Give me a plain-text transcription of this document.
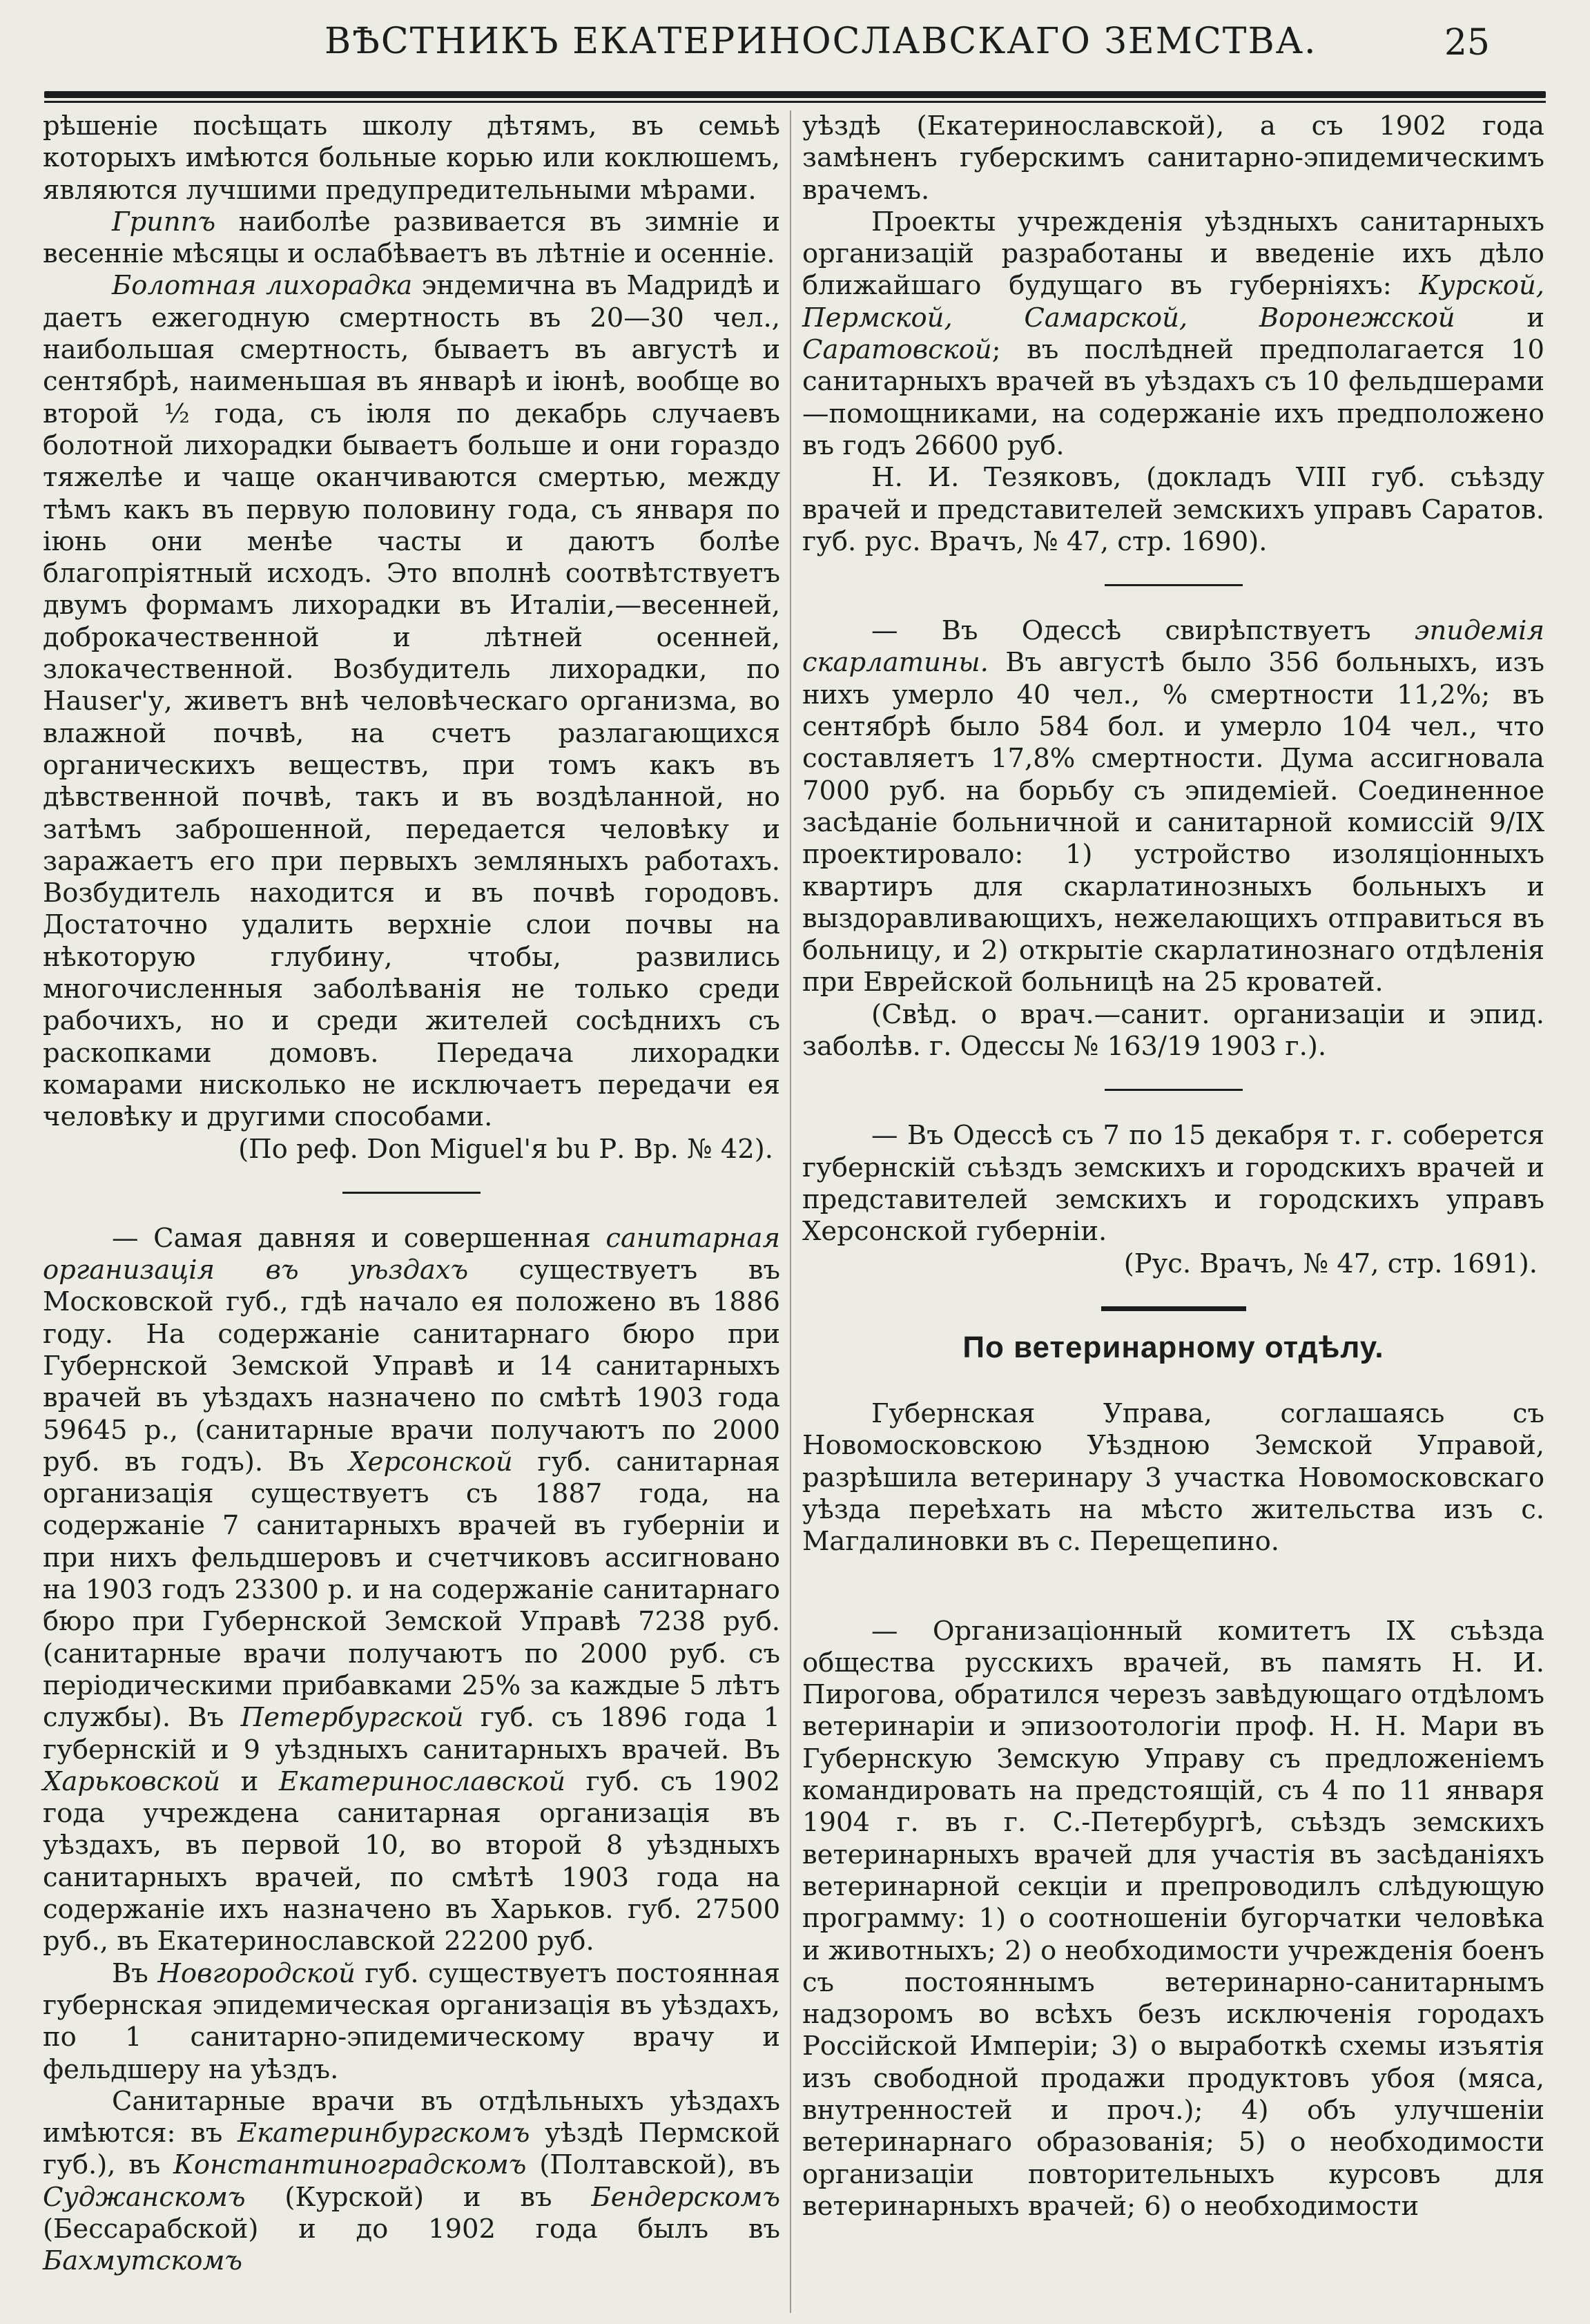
ВѢСТНИКЪ ЕКАТЕРИНОСЛАВСКАГО ЗЕМСТВА.	25

рѣшеніе посѣщать школу дѣтямъ, въ семьѣ которыхъ имѣются больные корью или коклюшемъ, являются лучшими предупредительными мѣрами.

Гриппъ наиболѣе развивается въ зимніе и весенніе мѣсяцы и ослабѣваетъ въ лѣтніе и осенніе.

Болотная лихорадка эндемична въ Мадридѣ и даетъ ежегодную смертность въ 20—30 чел., наибольшая смертность, бываетъ въ августѣ и сентябрѣ, наименьшая въ январѣ и іюнѣ, вообще во второй ½ года, съ іюля по декабрь случаевъ болотной лихорадки бываетъ больше и они гораздо тяжелѣе и чаще оканчиваются смертью, между тѣмъ какъ въ первую половину года, съ января по іюнь они менѣе часты и даютъ болѣе благопріятный исходъ. Это вполнѣ соотвѣтствуетъ двумъ формамъ лихорадки въ Италіи,—весенней, доброкачественной и лѣтней осенней, злокачественной. Возбудитель лихорадки, по Hauser'у, живетъ внѣ человѣческаго организма, во влажной почвѣ, на счетъ разлагающихся органическихъ веществъ, при томъ какъ въ дѣвственной почвѣ, такъ и въ воздѣланной, но затѣмъ заброшенной, передается человѣку и заражаетъ его при первыхъ земляныхъ работахъ. Возбудитель находится и въ почвѣ городовъ. Достаточно удалить верхніе слои почвы на нѣкоторую глубину, чтобы, развились многочисленныя заболѣванія не только среди рабочихъ, но и среди жителей сосѣднихъ съ раскопками домовъ. Передача лихорадки комарами нисколько не исключаетъ передачи ея человѣку и другими способами.

(По реф. Don Miguel'я bu Р. Вр. № 42).

— Самая давняя и совершенная санитарная организація въ уѣздахъ существуетъ въ Московской губ., гдѣ начало ея положено въ 1886 году. На содержаніе санитарнаго бюро при Губернской Земской Управѣ и 14 санитарныхъ врачей въ уѣздахъ назначено по смѣтѣ 1903 года 59645 р., (санитарные врачи получаютъ по 2000 руб. въ годъ). Въ Херсонской губ. санитарная организація существуетъ съ 1887 года, на содержаніе 7 санитарныхъ врачей въ губерніи и при нихъ фельдшеровъ и счетчиковъ ассигновано на 1903 годъ 23300 р. и на содержаніе санитарнаго бюро при Губернской Земской Управѣ 7238 руб. (санитарные врачи получаютъ по 2000 руб. съ періодическими прибавками 25% за каждые 5 лѣтъ службы). Въ Петербургской губ. съ 1896 года 1 губернскій и 9 уѣздныхъ санитарныхъ врачей. Въ Харьковской и Екатеринославской губ. съ 1902 года учреждена санитарная организація въ уѣздахъ, въ первой 10, во второй 8 уѣздныхъ санитарныхъ врачей, по смѣтѣ 1903 года на содержаніе ихъ назначено въ Харьков. губ. 27500 руб., въ Екатеринославской 22200 руб.

Въ Новгородской губ. существуетъ постоянная губернская эпидемическая организація въ уѣздахъ, по 1 санитарно-эпидемическому врачу и фельдшеру на уѣздъ.

Санитарные врачи въ отдѣльныхъ уѣздахъ имѣются: въ Екатеринбургскомъ уѣздѣ Пермской губ.), въ Константиноградскомъ (Полтавской), въ Суджанскомъ (Курской) и въ Бендерскомъ (Бессарабской) и до 1902 года былъ въ Бахмутскомъ

уѣздѣ (Екатеринославской), а съ 1902 года замѣненъ губерскимъ санитарно-эпидемическимъ врачемъ.

Проекты учрежденія уѣздныхъ санитарныхъ организацій разработаны и введеніе ихъ дѣло ближайшаго будущаго въ губерніяхъ: Курской, Пермской, Самарской, Воронежской и Саратовской; въ послѣдней предполагается 10 санитарныхъ врачей въ уѣздахъ съ 10 фельдшерами—помощниками, на содержаніе ихъ предположено въ годъ 26600 руб.

Н. И. Тезяковъ, (докладъ VIII губ. съѣзду врачей и представителей земскихъ управъ Саратов. губ. рус. Врачъ, № 47, стр. 1690).

— Въ Одессѣ свирѣпствуетъ эпидемія скарлатины. Въ августѣ было 356 больныхъ, изъ нихъ умерло 40 чел., % смертности 11,2%; въ сентябрѣ было 584 бол. и умерло 104 чел., что составляетъ 17,8% смертности. Дума ассигновала 7000 руб. на борьбу съ эпидеміей. Соединенное засѣданіе больничной и санитарной комиссій 9/IX проектировало: 1) устройство изоляціонныхъ квартиръ для скарлатинозныхъ больныхъ и выздоравливающихъ, нежелающихъ отправиться въ больницу, и 2) открытіе скарлатинознаго отдѣленія при Еврейской больницѣ на 25 кроватей.

(Свѣд. о врач.—санит. организаціи и эпид. заболѣв. г. Одессы № 163/19 1903 г.).

— Въ Одессѣ съ 7 по 15 декабря т. г. соберется губернскій съѣздъ земскихъ и городскихъ врачей и представителей земскихъ и городскихъ управъ Херсонской губерніи.

(Рус. Врачъ, № 47, стр. 1691).

По ветеринарному отдѣлу.

Губернская Управа, соглашаясь съ Новомосковскою Уѣздною Земской Управой, разрѣшила ветеринару 3 участка Новомосковскаго уѣзда переѣхать на мѣсто жительства изъ с. Магдалиновки въ с. Перещепино.

— Организаціонный комитетъ IX съѣзда общества русскихъ врачей, въ память Н. И. Пирогова, обратился черезъ завѣдующаго отдѣломъ ветеринаріи и эпизоотологіи проф. Н. Н. Мари въ Губернскую Земскую Управу съ предложеніемъ командировать на предстоящій, съ 4 по 11 января 1904 г. въ г. С.-Петербургѣ, съѣздъ земскихъ ветеринарныхъ врачей для участія въ засѣданіяхъ ветеринарной секціи и препроводилъ слѣдующую программу: 1) о соотношеніи бугорчатки человѣка и животныхъ; 2) о необходимости учрежденія боенъ съ постояннымъ ветеринарно-санитарнымъ надзоромъ во всѣхъ безъ исключенія городахъ Россійской Имперіи; 3) о выработкѣ схемы изъятія изъ свободной продажи продуктовъ убоя (мяса, внутренностей и проч.); 4) объ улучшеніи ветеринарнаго образованія; 5) о необходимости организаціи повторительныхъ курсовъ для ветеринарныхъ врачей; 6) о необходимости
